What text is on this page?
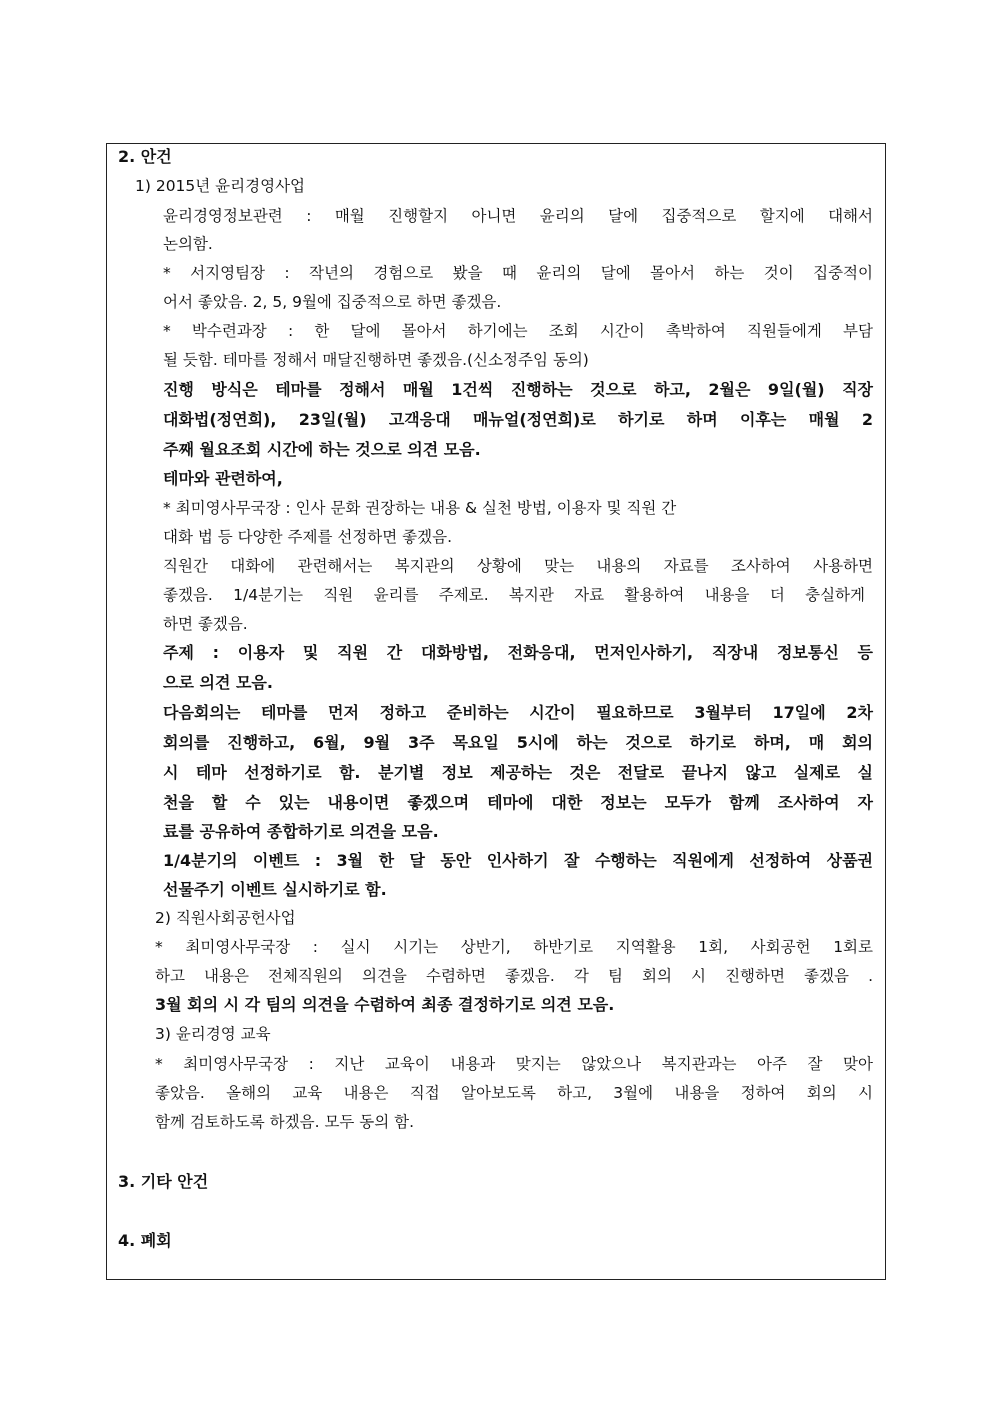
2. 안건
1) 2015년 윤리경영사업
윤리경영정보관련 : 매월 진행할지 아니면 윤리의 달에 집중적으로 할지에 대해서
논의함.
* 서지영팀장 : 작년의 경험으로 봤을 때 윤리의 달에 몰아서 하는 것이 집중적이
어서 좋았음. 2, 5, 9월에 집중적으로 하면 좋겠음.
* 박수련과장 : 한 달에 몰아서 하기에는 조회 시간이 촉박하여 직원들에게 부담
될 듯함. 테마를 정해서 매달진행하면 좋겠음.(신소정주임 동의)
진행 방식은 테마를 정해서 매월 1건씩 진행하는 것으로 하고, 2월은 9일(월) 직장
대화법(정연희), 23일(월) 고객응대 매뉴얼(정연희)로 하기로 하며 이후는 매월 2
주째 월요조회 시간에 하는 것으로 의견 모음.
테마와 관련하여,
* 최미영사무국장 : 인사 문화 권장하는 내용 & 실천 방법, 이용자 및 직원 간
대화 법 등 다양한 주제를 선정하면 좋겠음.
직원간 대화에 관련해서는 복지관의 상황에 맞는 내용의 자료를 조사하여 사용하면
좋겠음. 1/4분기는 직원 윤리를 주제로. 복지관 자료 활용하여 내용을 더 충실하게
하면 좋겠음.
주제 : 이용자 및 직원 간 대화방법, 전화응대, 먼저인사하기, 직장내 정보통신 등
으로 의견 모음.
다음회의는 테마를 먼저 정하고 준비하는 시간이 필요하므로 3월부터 17일에 2차
회의를 진행하고, 6월, 9월 3주 목요일 5시에 하는 것으로 하기로 하며, 매 회의
시 테마 선정하기로 함. 분기별 정보 제공하는 것은 전달로 끝나지 않고 실제로 실
천을 할 수 있는 내용이면 좋겠으며 테마에 대한 정보는 모두가 함께 조사하여 자
료를 공유하여 종합하기로 의견을 모음.
1/4분기의 이벤트 : 3월 한 달 동안 인사하기 잘 수행하는 직원에게 선정하여 상품권
선물주기 이벤트 실시하기로 함.
2) 직원사회공헌사업
* 최미영사무국장 : 실시 시기는 상반기, 하반기로 지역활용 1회, 사회공헌 1회로
하고 내용은 전체직원의 의견을 수렴하면 좋겠음. 각 팀 회의 시 진행하면 좋겠음 .
3월 회의 시 각 팀의 의견을 수렴하여 최종 결정하기로 의견 모음.
3) 윤리경영 교육
* 최미영사무국장 : 지난 교육이 내용과 맞지는 않았으나 복지관과는 아주 잘 맞아
좋았음. 올해의 교육 내용은 직접 알아보도록 하고, 3월에 내용을 정하여 회의 시
함께 검토하도록 하겠음. 모두 동의 함.
3. 기타 안건
4. 폐회
